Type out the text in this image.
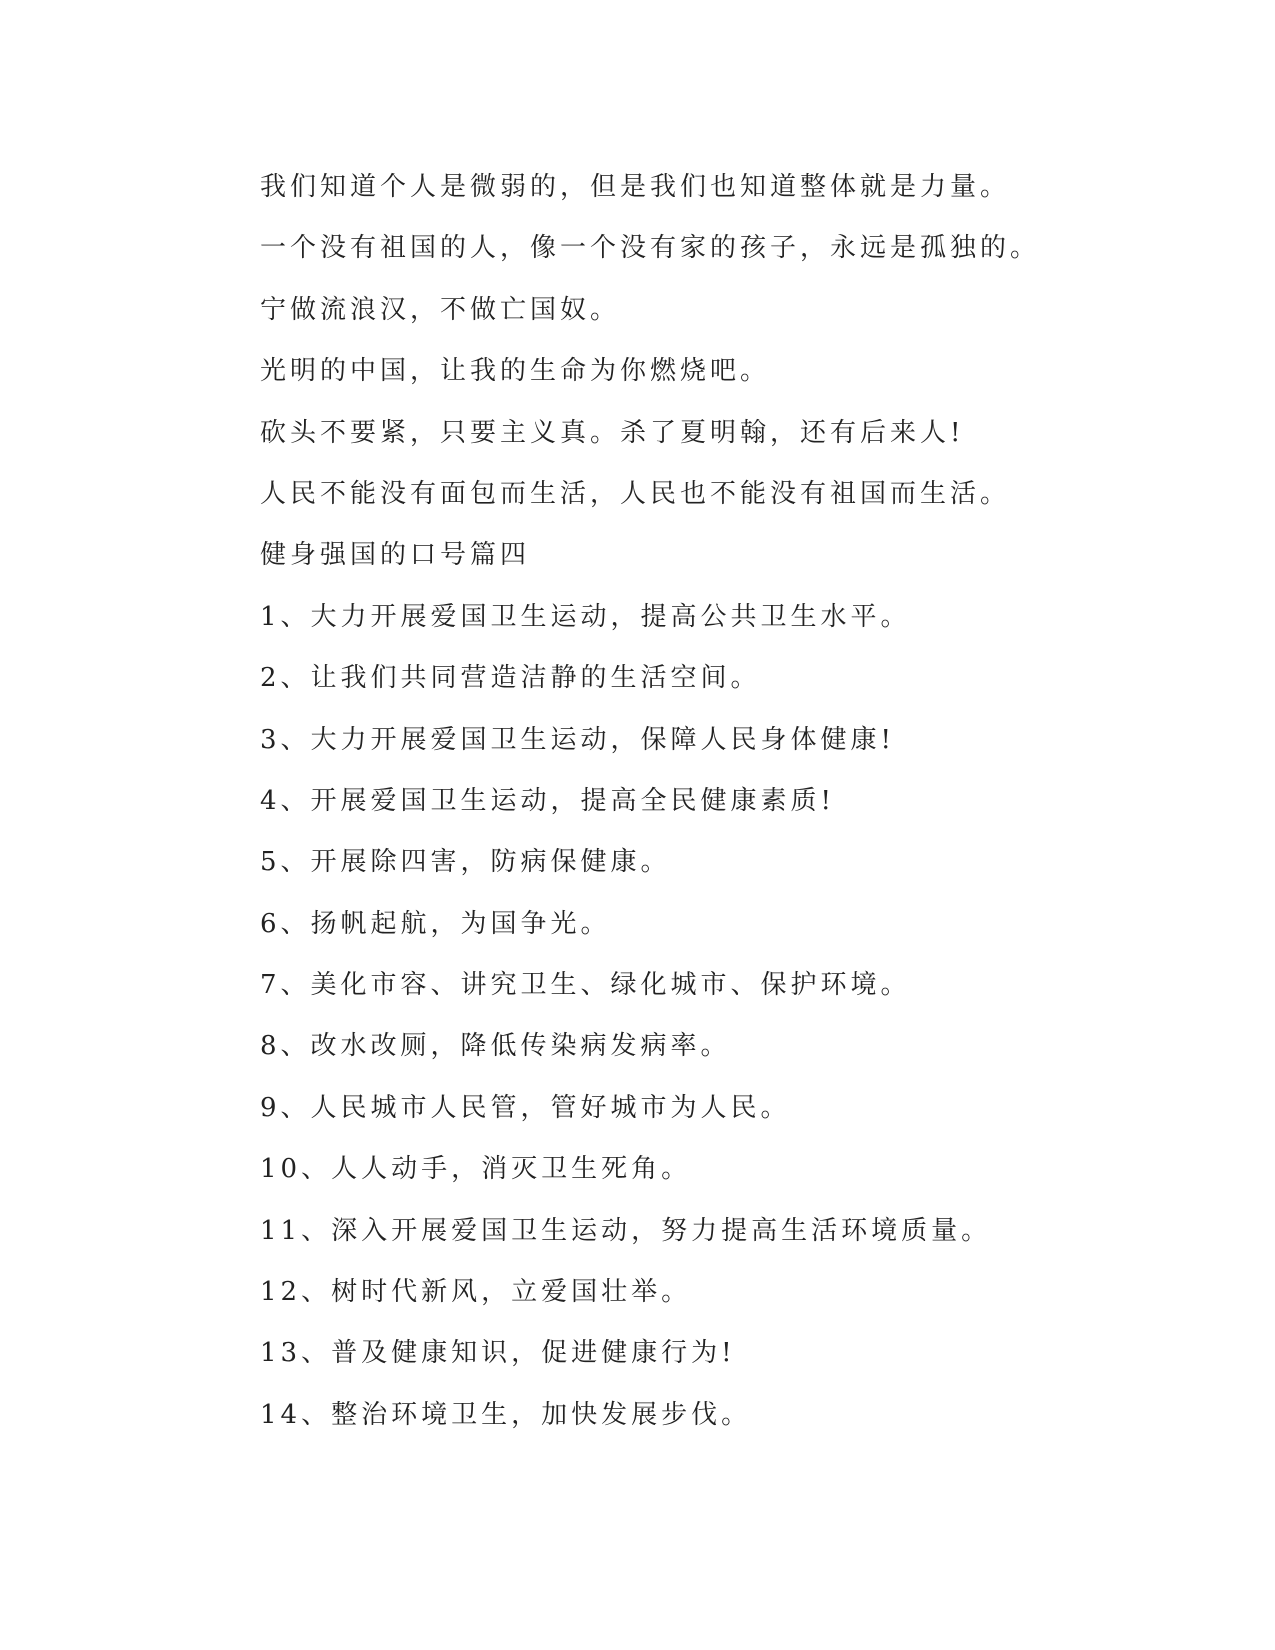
我们知道个人是微弱的，但是我们也知道整体就是力量。
一个没有祖国的人，像一个没有家的孩子，永远是孤独的。
宁做流浪汉，不做亡国奴。
光明的中国，让我的生命为你燃烧吧。
砍头不要紧，只要主义真。杀了夏明翰，还有后来人!
人民不能没有面包而生活，人民也不能没有祖国而生活。
健身强国的口号篇四
1、大力开展爱国卫生运动，提高公共卫生水平。
2、让我们共同营造洁静的生活空间。
3、大力开展爱国卫生运动，保障人民身体健康!
4、开展爱国卫生运动，提高全民健康素质!
5、开展除四害，防病保健康。
6、扬帆起航，为国争光。
7、美化市容、讲究卫生、绿化城市、保护环境。
8、改水改厕，降低传染病发病率。
9、人民城市人民管，管好城市为人民。
10、人人动手，消灭卫生死角。
11、深入开展爱国卫生运动，努力提高生活环境质量。
12、树时代新风，立爱国壮举。
13、普及健康知识，促进健康行为!
14、整治环境卫生，加快发展步伐。
